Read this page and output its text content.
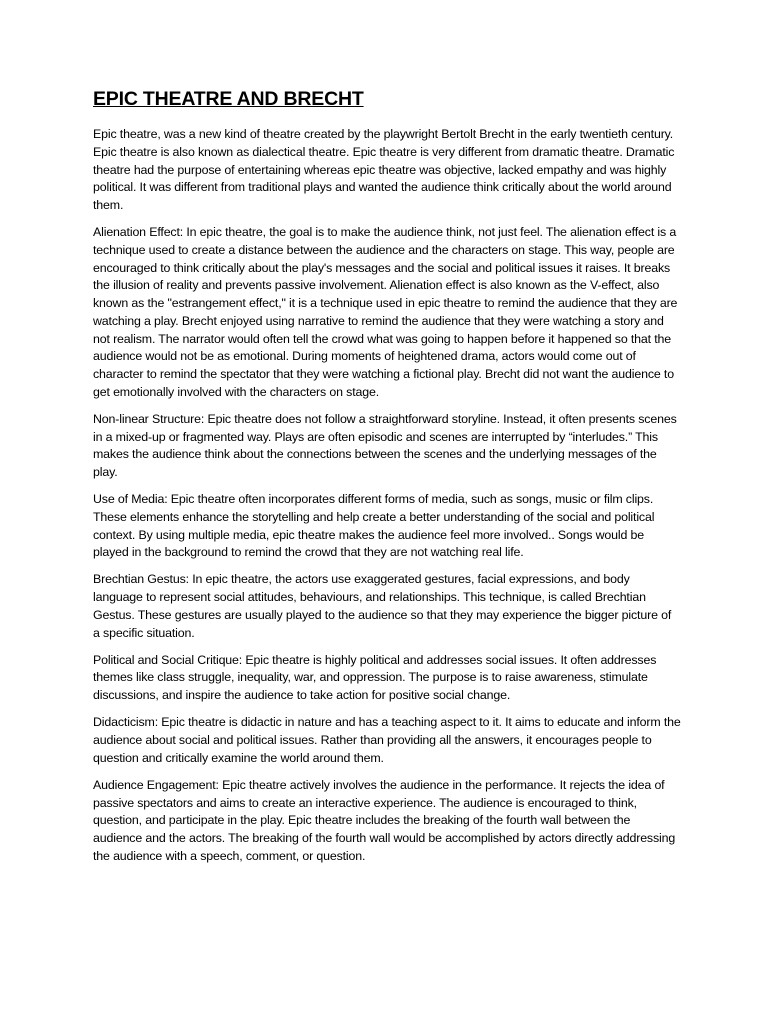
EPIC THEATRE AND BRECHT

Epic theatre, was a new kind of theatre created by the playwright Bertolt Brecht in the early twentieth century. Epic theatre is also known as dialectical theatre. Epic theatre is very different from dramatic theatre. Dramatic theatre had the purpose of entertaining whereas epic theatre was objective, lacked empathy and was highly political. It was different from traditional plays and wanted the audience think critically about the world around them.

Alienation Effect: In epic theatre, the goal is to make the audience think, not just feel. The alienation effect is a technique used to create a distance between the audience and the characters on stage. This way, people are encouraged to think critically about the play's messages and the social and political issues it raises. It breaks the illusion of reality and prevents passive involvement. Alienation effect is also known as the V-effect, also known as the "estrangement effect," it is a technique used in epic theatre to remind the audience that they are watching a play. Brecht enjoyed using narrative to remind the audience that they were watching a story and not realism. The narrator would often tell the crowd what was going to happen before it happened so that the audience would not be as emotional. During moments of heightened drama, actors would come out of character to remind the spectator that they were watching a fictional play. Brecht did not want the audience to get emotionally involved with the characters on stage.

Non-linear Structure: Epic theatre does not follow a straightforward storyline. Instead, it often presents scenes in a mixed-up or fragmented way. Plays are often episodic and scenes are interrupted by “interludes.” This makes the audience think about the connections between the scenes and the underlying messages of the play.

Use of Media: Epic theatre often incorporates different forms of media, such as songs, music or film clips. These elements enhance the storytelling and help create a better understanding of the social and political context. By using multiple media, epic theatre makes the audience feel more involved.. Songs would be played in the background to remind the crowd that they are not watching real life.

Brechtian Gestus: In epic theatre, the actors use exaggerated gestures, facial expressions, and body language to represent social attitudes, behaviours, and relationships. This technique, is called Brechtian Gestus. These gestures are usually played to the audience so that they may experience the bigger picture of a specific situation.

Political and Social Critique: Epic theatre is highly political and addresses social issues. It often addresses themes like class struggle, inequality, war, and oppression. The purpose is to raise awareness, stimulate discussions, and inspire the audience to take action for positive social change.

Didacticism: Epic theatre is didactic in nature and has a teaching aspect to it. It aims to educate and inform the audience about social and political issues. Rather than providing all the answers, it encourages people to question and critically examine the world around them.

Audience Engagement: Epic theatre actively involves the audience in the performance. It rejects the idea of passive spectators and aims to create an interactive experience. The audience is encouraged to think, question, and participate in the play. Epic theatre includes the breaking of the fourth wall between the audience and the actors. The breaking of the fourth wall would be accomplished by actors directly addressing the audience with a speech, comment, or question.
